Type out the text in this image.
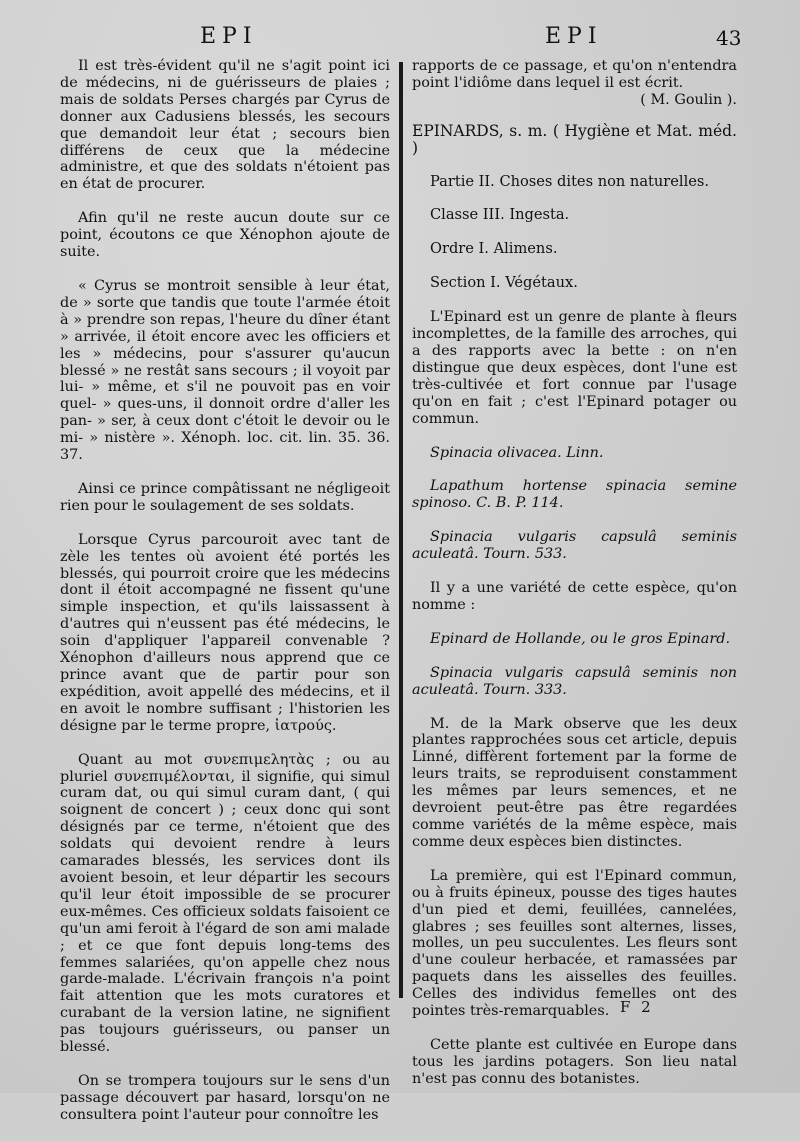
EPI	EPI	43

Il est très-évident qu'il ne s'agit point ici de médecins, ni de guérisseurs de plaies ; mais de soldats Perses chargés par Cyrus de donner aux Cadusiens blessés, les secours que demandoit leur état ; secours bien différens de ceux que la médecine administre, et que des soldats n'étoient pas en état de procurer.

Afin qu'il ne reste aucun doute sur ce point, écoutons ce que Xénophon ajoute de suite.

« Cyrus se montroit sensible à leur état, de » sorte que tandis que toute l'armée étoit à » prendre son repas, l'heure du dîner étant » arrivée, il étoit encore avec les officiers et les » médecins, pour s'assurer qu'aucun blessé » ne restât sans secours ; il voyoit par lui- » même, et s'il ne pouvoit pas en voir quel- » ques-uns, il donnoit ordre d'aller les pan- » ser, à ceux dont c'étoit le devoir ou le mi- » nistère ». Xénoph. loc. cit. lin. 35. 36. 37.

Ainsi ce prince compâtissant ne négligeoit rien pour le soulagement de ses soldats.

Lorsque Cyrus parcouroit avec tant de zèle les tentes où avoient été portés les blessés, qui pourroit croire que les médecins dont il étoit accompagné ne fissent qu'une simple inspection, et qu'ils laissassent à d'autres qui n'eussent pas été médecins, le soin d'appliquer l'appareil convenable ? Xénophon d'ailleurs nous apprend que ce prince avant que de partir pour son expédition, avoit appellé des médecins, et il en avoit le nombre suffisant ; l'historien les désigne par le terme propre, ἰατρούς.

Quant au mot συνεπιμελητὰς ; ou au pluriel συνεπιμέλονται, il signifie, qui simul curam dat, ou qui simul curam dant, ( qui soignent de concert ) ; ceux donc qui sont désignés par ce terme, n'étoient que des soldats qui devoient rendre à leurs camarades blessés, les services dont ils avoient besoin, et leur départir les secours qu'il leur étoit impossible de se procurer eux-mêmes. Ces officieux soldats faisoient ce qu'un ami feroit à l'égard de son ami malade ; et ce que font depuis long-tems des femmes salariées, qu'on appelle chez nous garde-malade. L'écrivain françois n'a point fait attention que les mots curatores et curabant de la version latine, ne signifient pas toujours guérisseurs, ou panser un blessé.

On se trompera toujours sur le sens d'un passage découvert par hasard, lorsqu'on ne consultera point l'auteur pour connoître les

rapports de ce passage, et qu'on n'entendra point l'idiôme dans lequel il est écrit.

( M. Goulin ).

EPINARDS, s. m. ( Hygiène et Mat. méd. )

Partie II. Choses dites non naturelles.

Classe III. Ingesta.

Ordre I. Alimens.

Section I. Végétaux.

L'Epinard est un genre de plante à fleurs incomplettes, de la famille des arroches, qui a des rapports avec la bette : on n'en distingue que deux espèces, dont l'une est très-cultivée et fort connue par l'usage qu'on en fait ; c'est l'Epinard potager ou commun.

Spinacia olivacea. Linn.

Lapathum hortense spinacia semine spinoso. C. B. P. 114.

Spinacia vulgaris capsulâ seminis aculeatâ. Tourn. 533.

Il y a une variété de cette espèce, qu'on nomme :

Epinard de Hollande, ou le gros Epinard.

Spinacia vulgaris capsulâ seminis non aculeatâ. Tourn. 333.

M. de la Mark observe que les deux plantes rapprochées sous cet article, depuis Linné, diffèrent fortement par la forme de leurs traits, se reproduisent constamment les mêmes par leurs semences, et ne devroient peut-être pas être regardées comme variétés de la même espèce, mais comme deux espèces bien distinctes.

La première, qui est l'Epinard commun, ou à fruits épineux, pousse des tiges hautes d'un pied et demi, feuillées, cannelées, glabres ; ses feuilles sont alternes, lisses, molles, un peu succulentes. Les fleurs sont d'une couleur herbacée, et ramassées par paquets dans les aisselles des feuilles. Celles des individus femelles ont des pointes très-remarquables.

Cette plante est cultivée en Europe dans tous les jardins potagers. Son lieu natal n'est pas connu des botanistes.

F 2
